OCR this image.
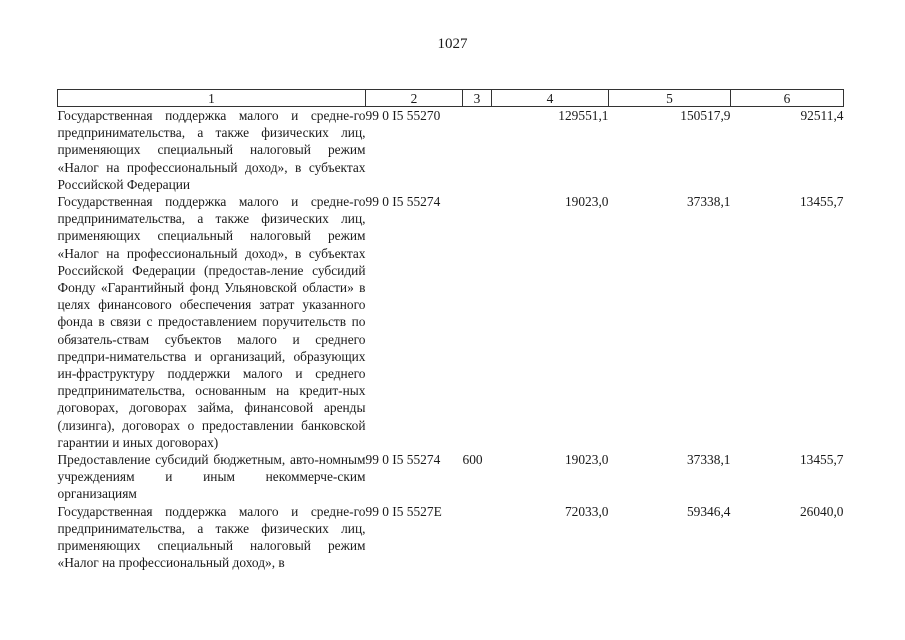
1027
1	2	3	4	5	6
Государственная поддержка малого и средне-го предпринимательства, а также физических лиц, применяющих специальный налоговый режим «Налог на профессиональный доход», в субъектах Российской Федерации	99 0 I5 55270		129551,1	150517,9	92511,4
Государственная поддержка малого и средне-го предпринимательства, а также физических лиц, применяющих специальный налоговый режим «Налог на профессиональный доход», в субъектах Российской Федерации (предостав-ление субсидий Фонду «Гарантийный фонд Ульяновской области» в целях финансового обеспечения затрат указанного фонда в связи с предоставлением поручительств по обязатель-ствам субъектов малого и среднего предпри-нимательства и организаций, образующих ин-фраструктуру поддержки малого и среднего предпринимательства, основанным на кредит-ных договорах, договорах займа, финансовой аренды (лизинга), договорах о предоставлении банковской гарантии и иных договорах)	99 0 I5 55274		19023,0	37338,1	13455,7
Предоставление субсидий бюджетным, авто-номным учреждениям и иным некоммерче-ским организациям	99 0 I5 55274	600	19023,0	37338,1	13455,7
Государственная поддержка малого и средне-го предпринимательства, а также физических лиц, применяющих специальный налоговый режим «Налог на профессиональный доход», в	99 0 I5 5527Е		72033,0	59346,4	26040,0
